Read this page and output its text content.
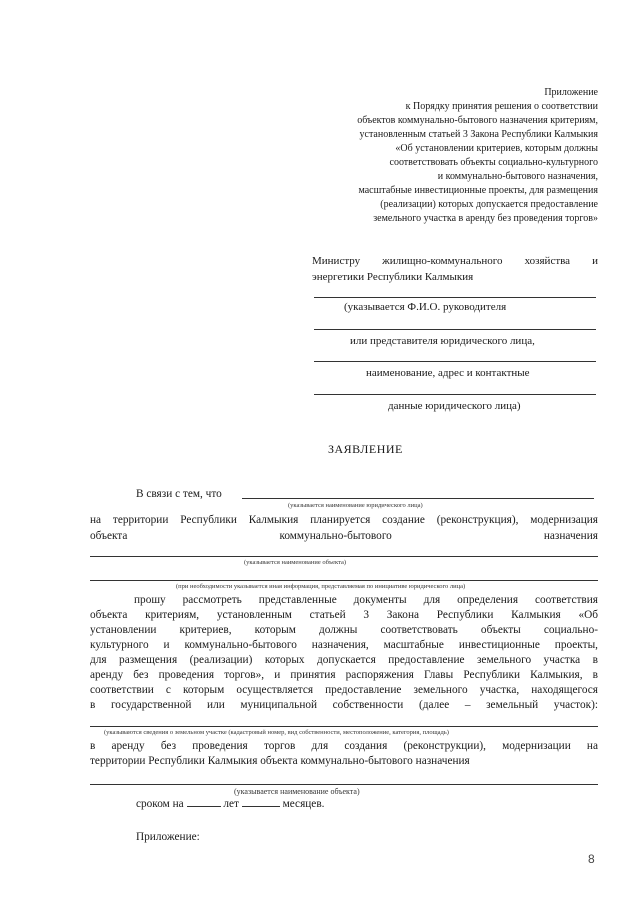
Приложение
к Порядку принятия решения о соответствии
объектов коммунально-бытового назначения критериям,
установленным статьей 3 Закона Республики Калмыкия
«Об установлении критериев, которым должны
соответствовать объекты социально-культурного
и коммунально-бытового назначения,
масштабные инвестиционные проекты, для размещения
(реализации) которых допускается предоставление
земельного участка в аренду без проведения торгов»
Министру жилищно-коммунального хозяйства и
энергетики Республики Калмыкия
(указывается Ф.И.О. руководителя
или представителя юридического лица,
наименование, адрес и контактные
данные юридического лица)
ЗАЯВЛЕНИЕ
В связи с тем, что
(указывается наименование юридического лица)
на территории Республики Калмыкия планируется создание (реконструкция), модернизация
объекта	коммунально-бытового	назначения
(указывается наименование объекта)
(при необходимости указывается иная информация, представляемая по инициативе юридического лица)
прошу рассмотреть представленные документы для определения соответствия
объекта критериям, установленным статьей 3 Закона Республики Калмыкия «Об
установлении критериев, которым должны соответствовать объекты социально-
культурного и коммунально-бытового назначения, масштабные инвестиционные проекты,
для размещения (реализации) которых допускается предоставление земельного участка в
аренду без проведения торгов», и принятия распоряжения Главы Республики Калмыкия, в
соответствии с которым осуществляется предоставление земельного участка, находящегося
в государственной или муниципальной собственности (далее – земельный участок):
(указываются сведения о земельном участке (кадастровый номер, вид собственности, местоположение, категория, площадь)
в аренду без проведения торгов для создания (реконструкции), модернизации на
территории Республики Калмыкия объекта коммунально-бытового назначения
(указывается наименование объекта)
сроком на	лет	месяцев.
Приложение:
8
